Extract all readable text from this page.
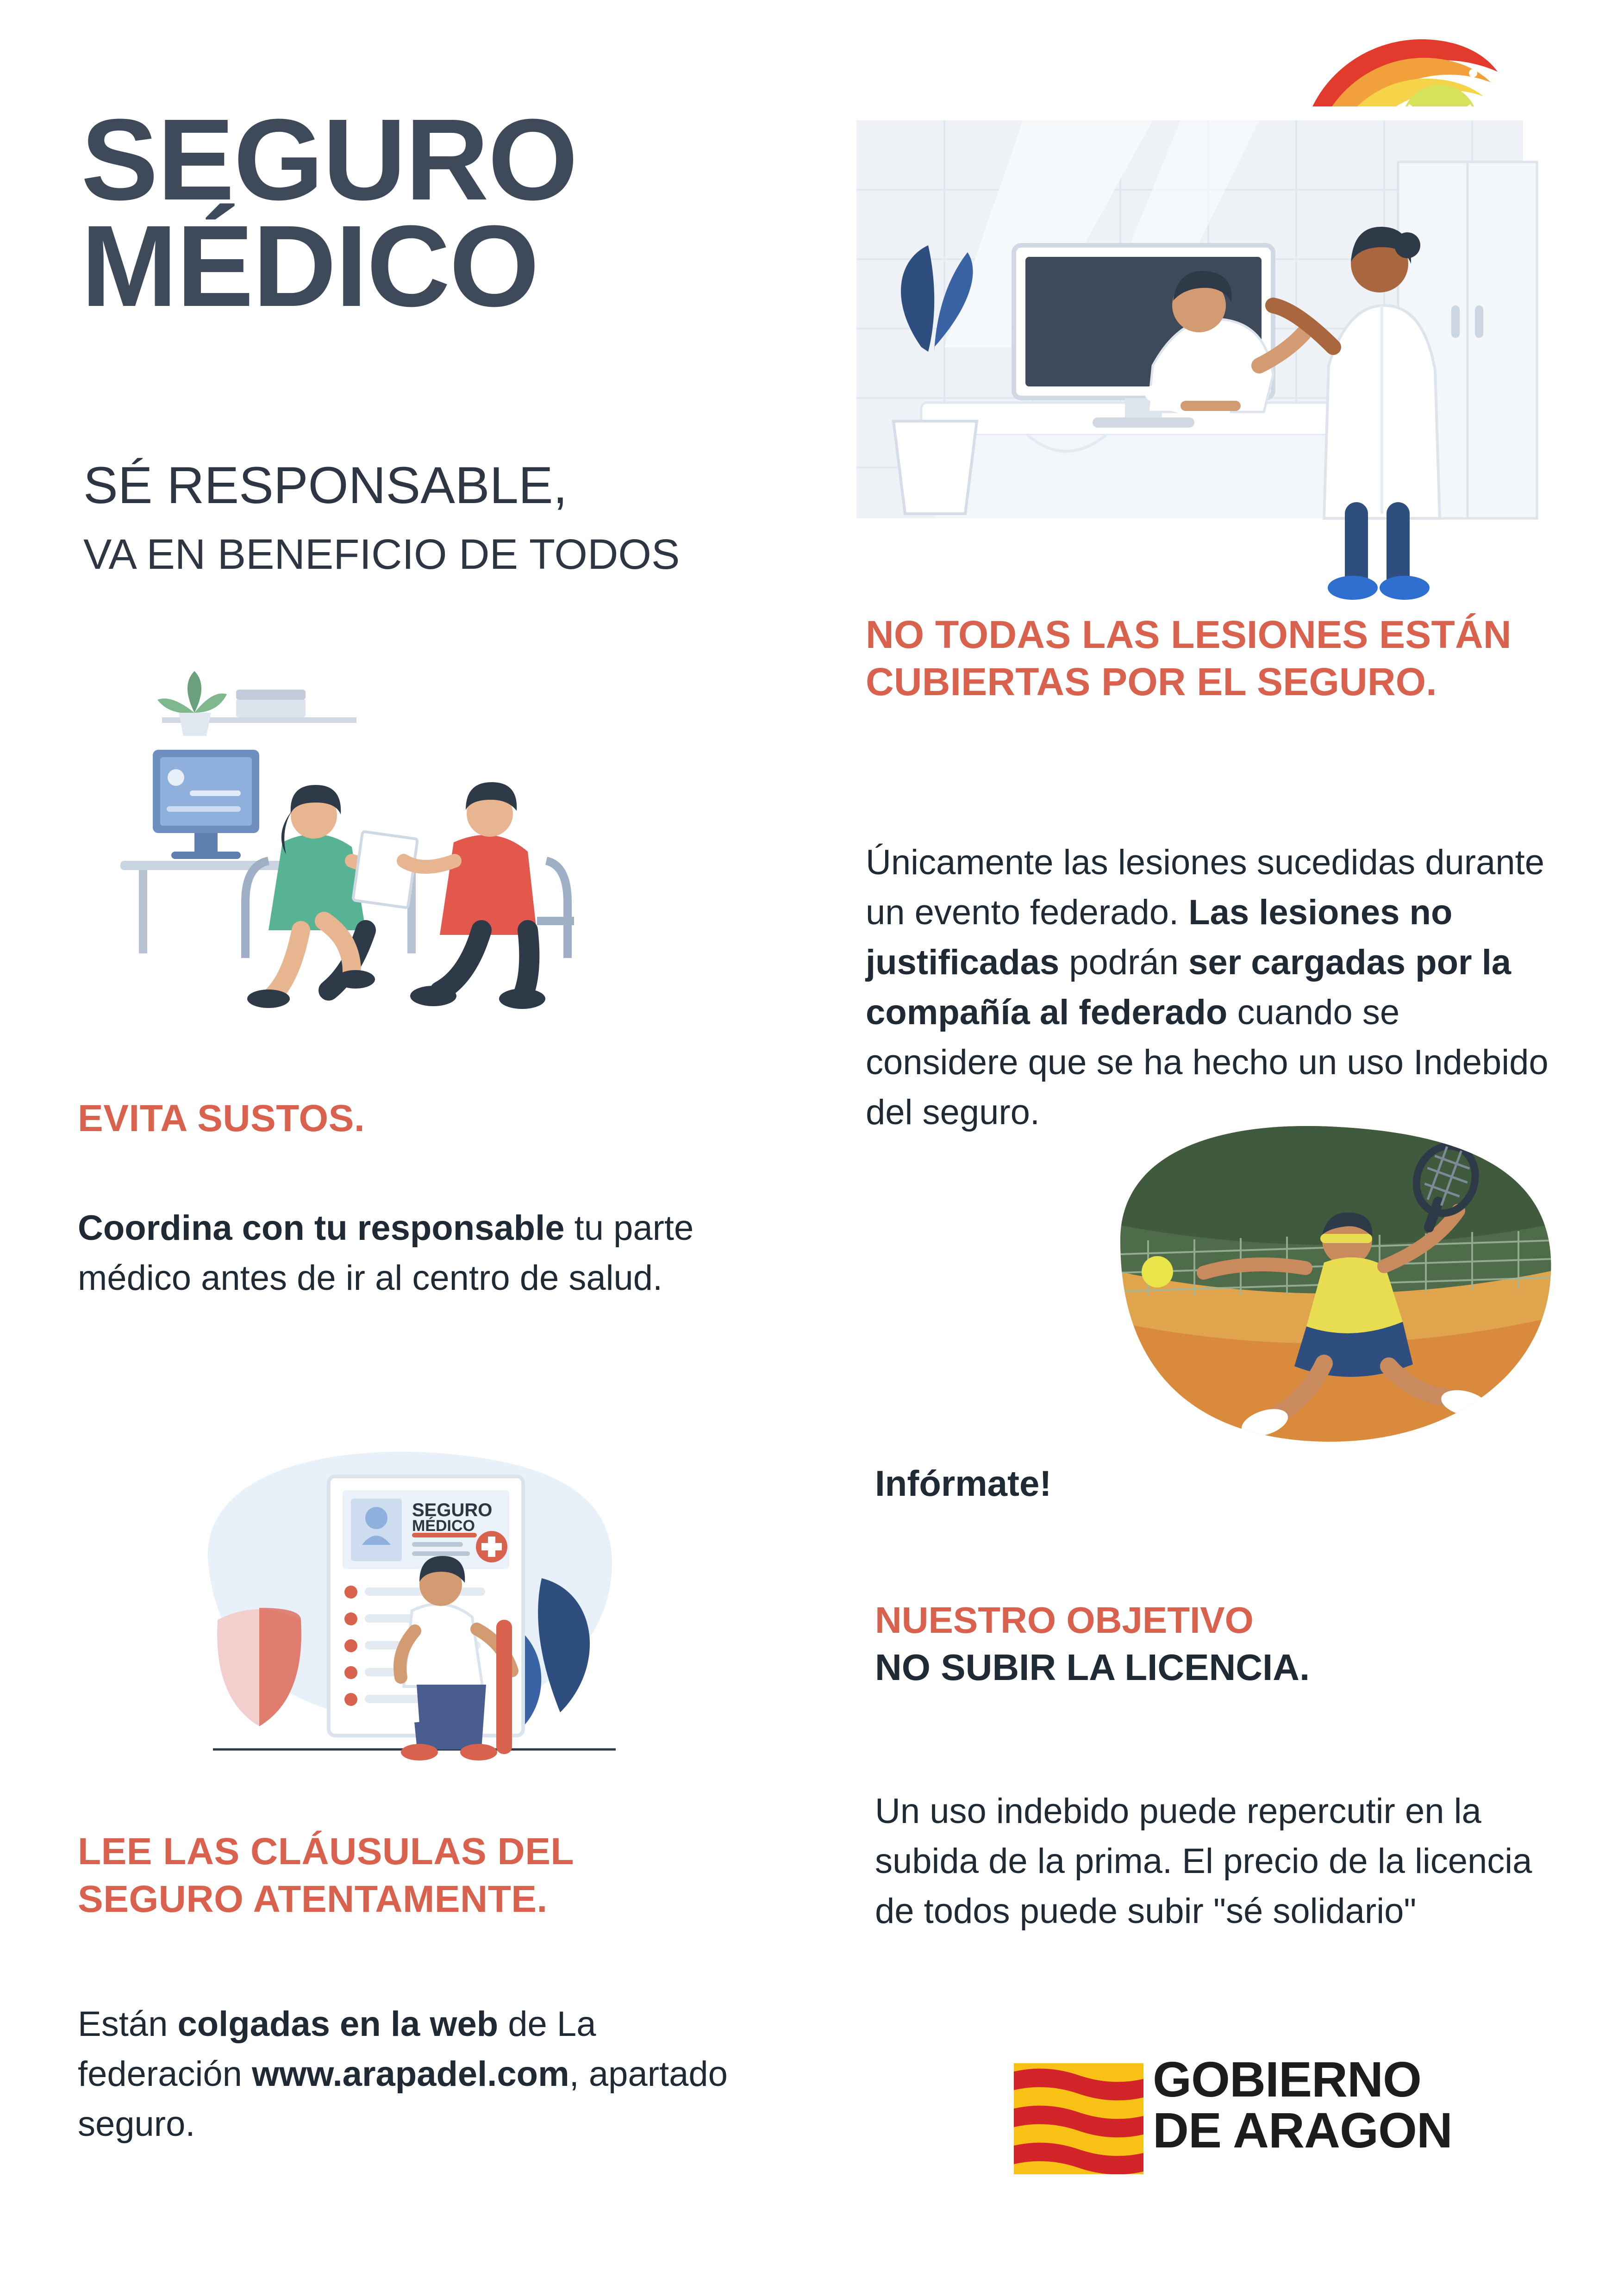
SEGURO
MÉDICO
SÉ RESPONSABLE,
VA EN BENEFICIO DE TODOS
NO TODAS LAS LESIONES ESTÁN CUBIERTAS POR EL SEGURO.
Únicamente las lesiones sucedidas durante un evento federado. Las lesiones no justificadas podrán ser cargadas por la compañía al federado cuando se considere que se ha hecho un uso Indebido del seguro.
Infórmate!
NUESTRO OBJETIVO
NO SUBIR LA LICENCIA.
Un uso indebido puede repercutir en la subida de la prima. El precio de la licencia de todos puede subir "sé solidario"
EVITA SUSTOS.
Coordina con tu responsable tu parte médico antes de ir al centro de salud.
SEGURO
MÉDICO
LEE LAS CLÁUSULAS DEL
SEGURO ATENTAMENTE.
Están colgadas en la web de La federación www.arapadel.com, apartado seguro.
GOBIERNO
DE ARAGON
